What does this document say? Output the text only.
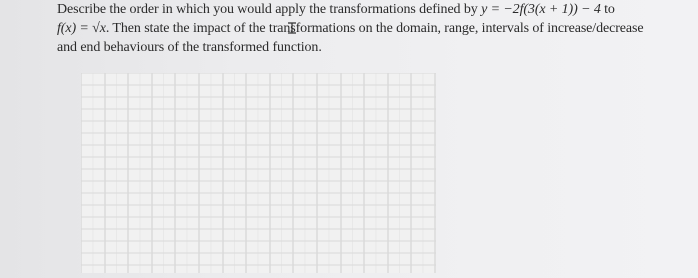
Describe the order in which you would apply the transformations defined by y = −2f(3(x + 1)) − 4 to
f(x) = √x. Then state the impact of the transformations on the domain, range, intervals of increase/decrease
and end behaviours of the transformed function.
